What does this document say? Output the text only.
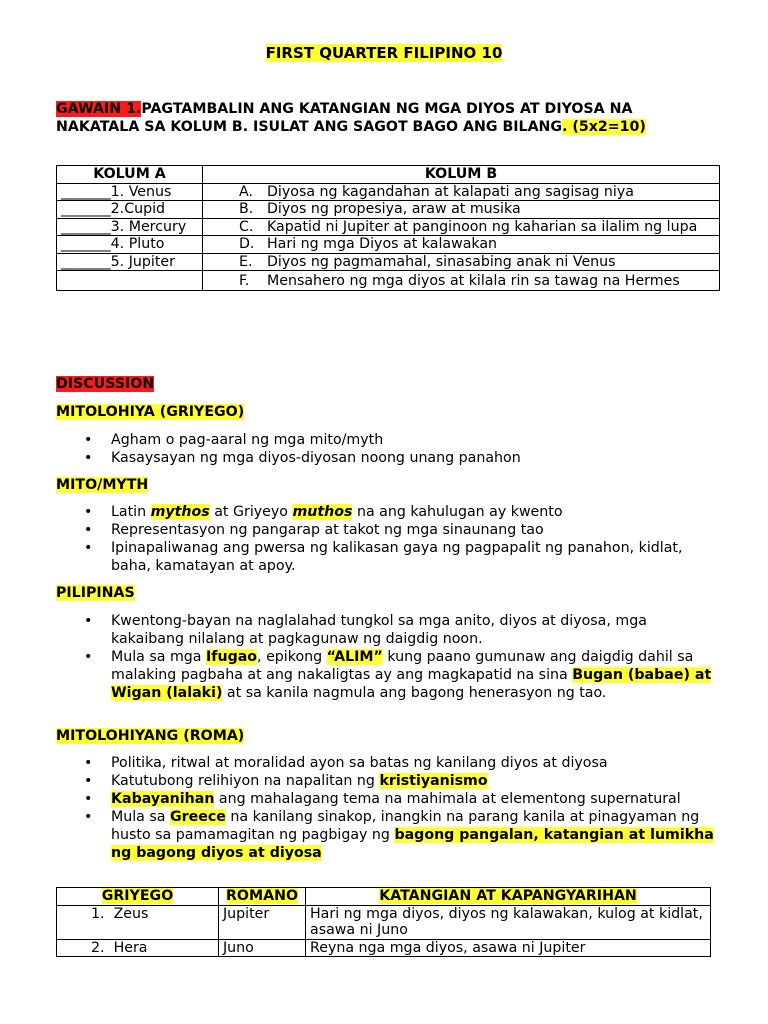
FIRST QUARTER FILIPINO 10
GAWAIN 1.PAGTAMBALIN ANG KATANGIAN NG MGA DIYOS AT DIYOSA NA NAKATALA SA KOLUM B. ISULAT ANG SAGOT BAGO ANG BILANG. (5x2=10)
KOLUM A	KOLUM B
_______1. Venus	A. Diyosa ng kagandahan at kalapati ang sagisag niya

_______2.Cupid	B. Diyos ng propesiya, araw at musika

_______3. Mercury	C. Kapatid ni Jupiter at panginoon ng kaharian sa ilalim ng lupa

_______4. Pluto	D. Hari ng mga Diyos at kalawakan

_______5. Jupiter	E. Diyos ng pagmamahal, sinasabing anak ni Venus

	F. Mensahero ng mga diyos at kilala rin sa tawag na Hermes
DISCUSSION
MITOLOHIYA (GRIYEGO)
• Agham o pag-aaral ng mga mito/myth
• Kasaysayan ng mga diyos-diyosan noong unang panahon
MITO/MYTH
• Latin mythos at Griyeyo muthos na ang kahulugan ay kwento
• Representasyon ng pangarap at takot ng mga sinaunang tao
• Ipinapaliwanag ang pwersa ng kalikasan gaya ng pagpapalit ng panahon, kidlat, baha, kamatayan at apoy.
PILIPINAS
• Kwentong-bayan na naglalahad tungkol sa mga anito, diyos at diyosa, mga kakaibang nilalang at pagkagunaw ng daigdig noon.
• Mula sa mga Ifugao, epikong “ALIM” kung paano gumunaw ang daigdig dahil sa malaking pagbaha at ang nakaligtas ay ang magkapatid na sina Bugan (babae) at Wigan (lalaki) at sa kanila nagmula ang bagong henerasyon ng tao.
MITOLOHIYANG (ROMA)
• Politika, ritwal at moralidad ayon sa batas ng kanilang diyos at diyosa
• Katutubong relihiyon na napalitan ng kristiyanismo
• Kabayanihan ang mahalagang tema na mahimala at elementong supernatural
• Mula sa Greece na kanilang sinakop, inangkin na parang kanila at pinagyaman ng husto sa pamamagitan ng pagbigay ng bagong pangalan, katangian at lumikha ng bagong diyos at diyosa
GRIYEGO	ROMANO	KATANGIAN AT KAPANGYARIHAN
1. Zeus	Jupiter	Hari ng mga diyos, diyos ng kalawakan, kulog at kidlat, asawa ni Juno
2. Hera	Juno	Reyna nga mga diyos, asawa ni Jupiter
